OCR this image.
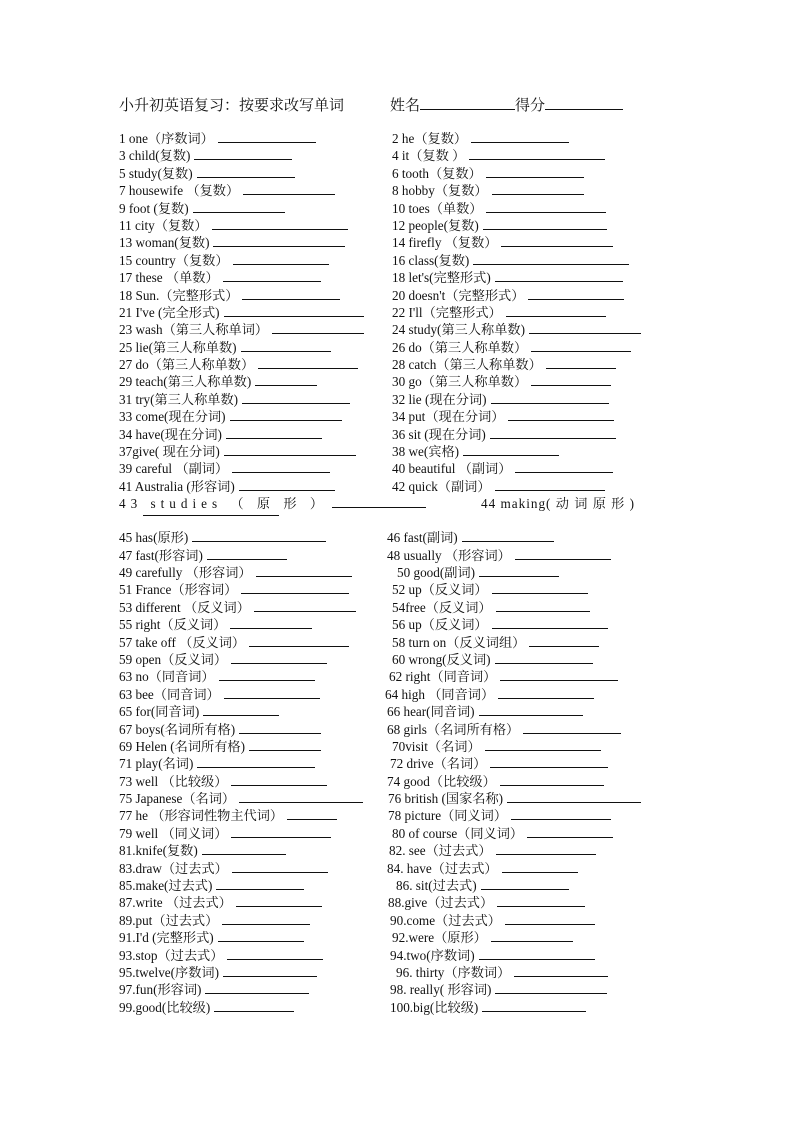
小升初英语复习：按要求改写单词	姓名	得分
1 one（序数词）	2 he（复数）
3 child(复数)	4 it（复数 ）
5 study(复数)	6 tooth（复数）
7 housewife （复数）	8 hobby（复数）
9 foot (复数)	10 toes（单数）
11 city（复数）	12 people(复数)
13 woman(复数)	14 firefly （复数）
15 country（复数）	16 class(复数)
17 these （单数）	18 let's(完整形式)
18 Sun.（完整形式）	20 doesn't（完整形式）
21 I've (完全形式)	22 I'll（完整形式）
23 wash（第三人称单词）	24 study(第三人称单数)
25 lie(第三人称单数)	26 do（第三人称单数）
27 do（第三人称单数）	28 catch（第三人称单数）
29 teach(第三人称单数)	30 go（第三人称单数）
31 try(第三人称单数)	32 lie (现在分词)
33 come(现在分词)	34 put（现在分词）
34 have(现在分词)	36 sit (现在分词)
37give( 现在分词)	38 we(宾格)
39 careful （副词）	40 beautiful （副词）
41 Australia (形容词)	42 quick（副词）
43 studies （ 原 形 ）	44 making( 动 词 原 形 )
45 has(原形)	46 fast(副词)
47 fast(形容词)	48 usually （形容词）
49 carefully （形容词）	50 good(副词)
51 France（形容词）	52 up（反义词）
53 different （反义词）	54free（反义词）
55 right（反义词）	56 up（反义词）
57 take off （反义词）	58 turn on（反义词组）
59 open（反义词）	60 wrong(反义词)
63 no（同音词）	62 right（同音词）
63 bee（同音词）	64 high （同音词）
65 for(同音词)	66 hear(同音词)
67 boys(名词所有格)	68 girls（名词所有格）
69 Helen (名词所有格)	70visit（名词）
71 play(名词)	72 drive（名词）
73 well （比较级）	74 good（比较级）
75 Japanese（名词）	76 british (国家名称)
77 he （形容词性物主代词）	78 picture（同义词）
79 well （同义词）	80 of course（同义词）
81.knife(复数)	82. see（过去式）
83.draw（过去式）	84. have（过去式）
85.make(过去式)	86. sit(过去式)
87.write （过去式）	88.give（过去式）
89.put（过去式）	90.come（过去式）
91.I'd (完整形式)	92.were（原形）
93.stop（过去式）	94.two(序数词)
95.twelve(序数词)	96. thirty（序数词）
97.fun(形容词)	98. really( 形容词)
99.good(比较级)	100.big(比较级)
